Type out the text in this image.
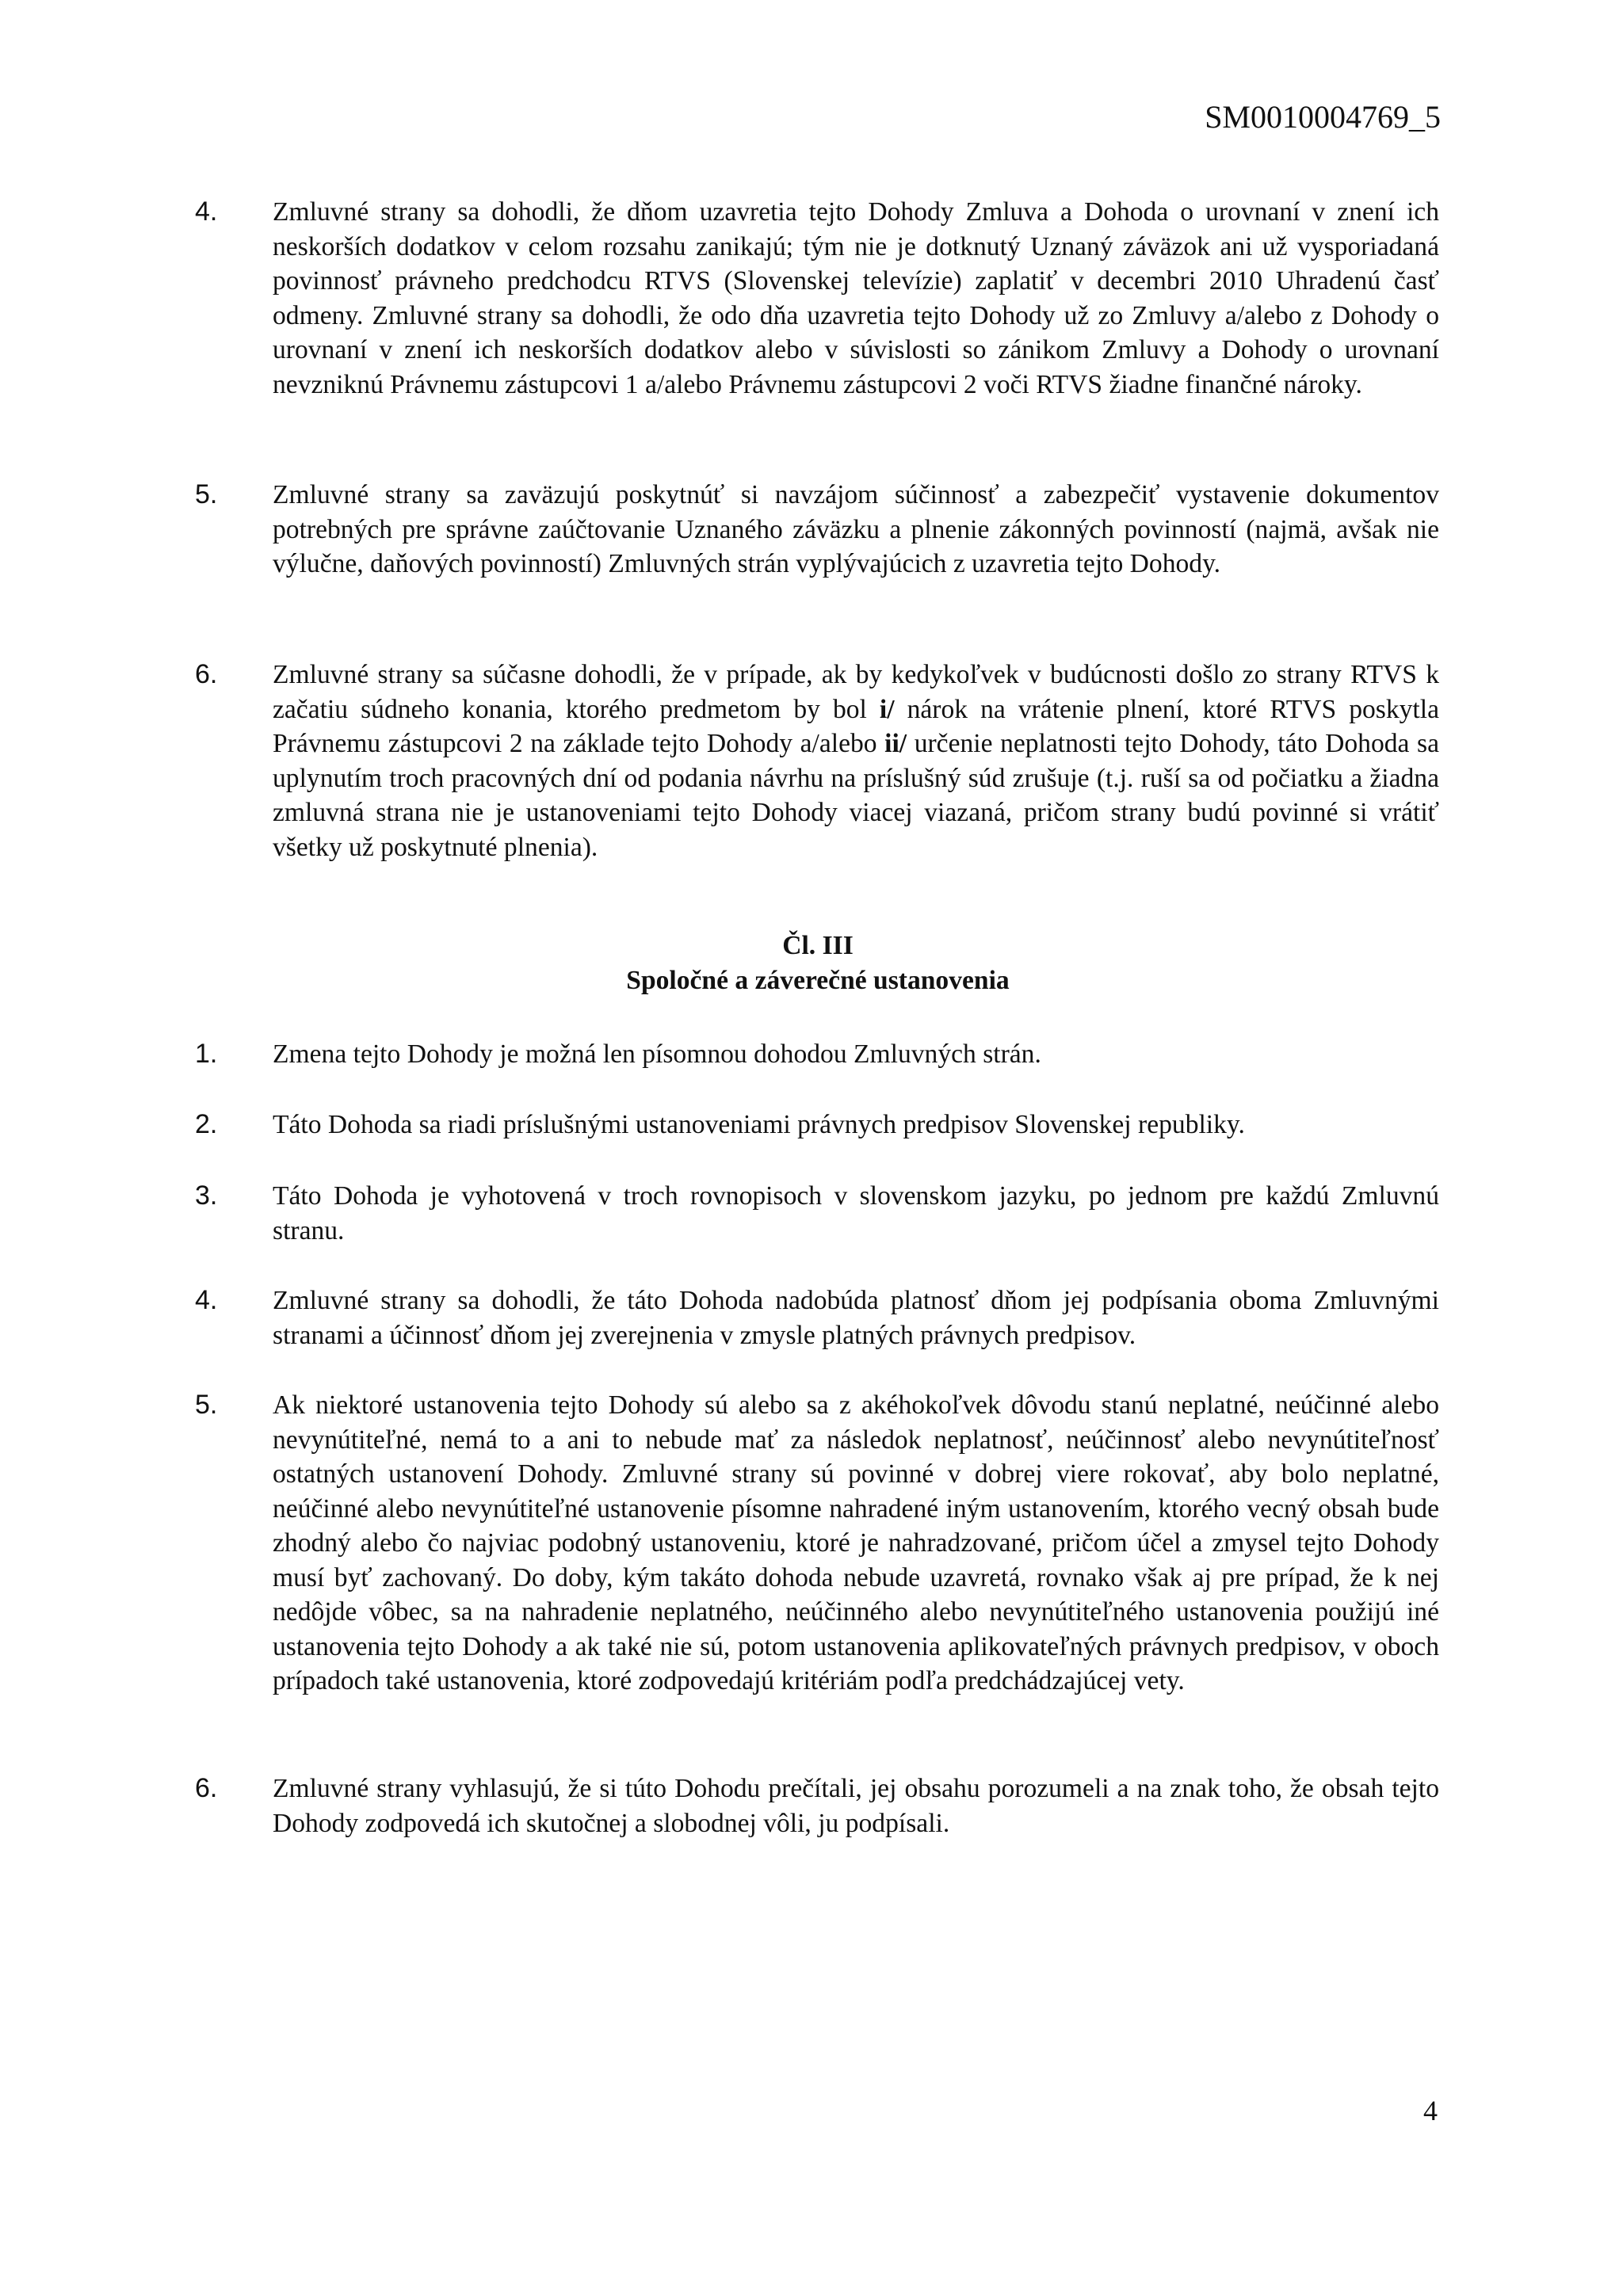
SM0010004769_5
4. Zmluvné strany sa dohodli, že dňom uzavretia tejto Dohody Zmluva a Dohoda o urovnaní v znení ich neskorších dodatkov v celom rozsahu zanikajú; tým nie je dotknutý Uznaný záväzok ani už vysporiadaná povinnosť právneho predchodcu RTVS (Slovenskej televízie) zaplatiť v decembri 2010 Uhradenú časť odmeny. Zmluvné strany sa dohodli, že odo dňa uzavretia tejto Dohody už zo Zmluvy a/alebo z Dohody o urovnaní v znení ich neskorších dodatkov alebo v súvislosti so zánikom Zmluvy a Dohody o urovnaní nevzniknú Právnemu zástupcovi 1 a/alebo Právnemu zástupcovi 2 voči RTVS žiadne finančné nároky.
5. Zmluvné strany sa zaväzujú poskytnúť si navzájom súčinnosť a zabezpečiť vystavenie dokumentov potrebných pre správne zaúčtovanie Uznaného záväzku a plnenie zákonných povinností (najmä, avšak nie výlučne, daňových povinností) Zmluvných strán vyplývajúcich z uzavretia tejto Dohody.
6. Zmluvné strany sa súčasne dohodli, že v prípade, ak by kedykoľvek v budúcnosti došlo zo strany RTVS k začatiu súdneho konania, ktorého predmetom by bol i/ nárok na vrátenie plnení, ktoré RTVS poskytla Právnemu zástupcovi 2 na základe tejto Dohody a/alebo ii/ určenie neplatnosti tejto Dohody, táto Dohoda sa uplynutím troch pracovných dní od podania návrhu na príslušný súd zrušuje (t.j. ruší sa od počiatku a žiadna zmluvná strana nie je ustanoveniami tejto Dohody viacej viazaná, pričom strany budú povinné si vrátiť všetky už poskytnuté plnenia).
Čl. III
Spoločné a záverečné ustanovenia
1. Zmena tejto Dohody je možná len písomnou dohodou Zmluvných strán.
2. Táto Dohoda sa riadi príslušnými ustanoveniami právnych predpisov Slovenskej republiky.
3. Táto Dohoda je vyhotovená v troch rovnopisoch v slovenskom jazyku, po jednom pre každú Zmluvnú stranu.
4. Zmluvné strany sa dohodli, že táto Dohoda nadobúda platnosť dňom jej podpísania oboma Zmluvnými stranami a účinnosť dňom jej zverejnenia v zmysle platných právnych predpisov.
5. Ak niektoré ustanovenia tejto Dohody sú alebo sa z akéhokoľvek dôvodu stanú neplatné, neúčinné alebo nevynútiteľné, nemá to a ani to nebude mať za následok neplatnosť, neúčinnosť alebo nevynútiteľnosť ostatných ustanovení Dohody. Zmluvné strany sú povinné v dobrej viere rokovať, aby bolo neplatné, neúčinné alebo nevynútiteľné ustanovenie písomne nahradené iným ustanovením, ktorého vecný obsah bude zhodný alebo čo najviac podobný ustanoveniu, ktoré je nahradzované, pričom účel a zmysel tejto Dohody musí byť zachovaný. Do doby, kým takáto dohoda nebude uzavretá, rovnako však aj pre prípad, že k nej nedôjde vôbec, sa na nahradenie neplatného, neúčinného alebo nevynútiteľného ustanovenia použijú iné ustanovenia tejto Dohody a ak také nie sú, potom ustanovenia aplikovateľných právnych predpisov, v oboch prípadoch také ustanovenia, ktoré zodpovedajú kritériám podľa predchádzajúcej vety.
6. Zmluvné strany vyhlasujú, že si túto Dohodu prečítali, jej obsahu porozumeli a na znak toho, že obsah tejto Dohody zodpovedá ich skutočnej a slobodnej vôli, ju podpísali.
4
